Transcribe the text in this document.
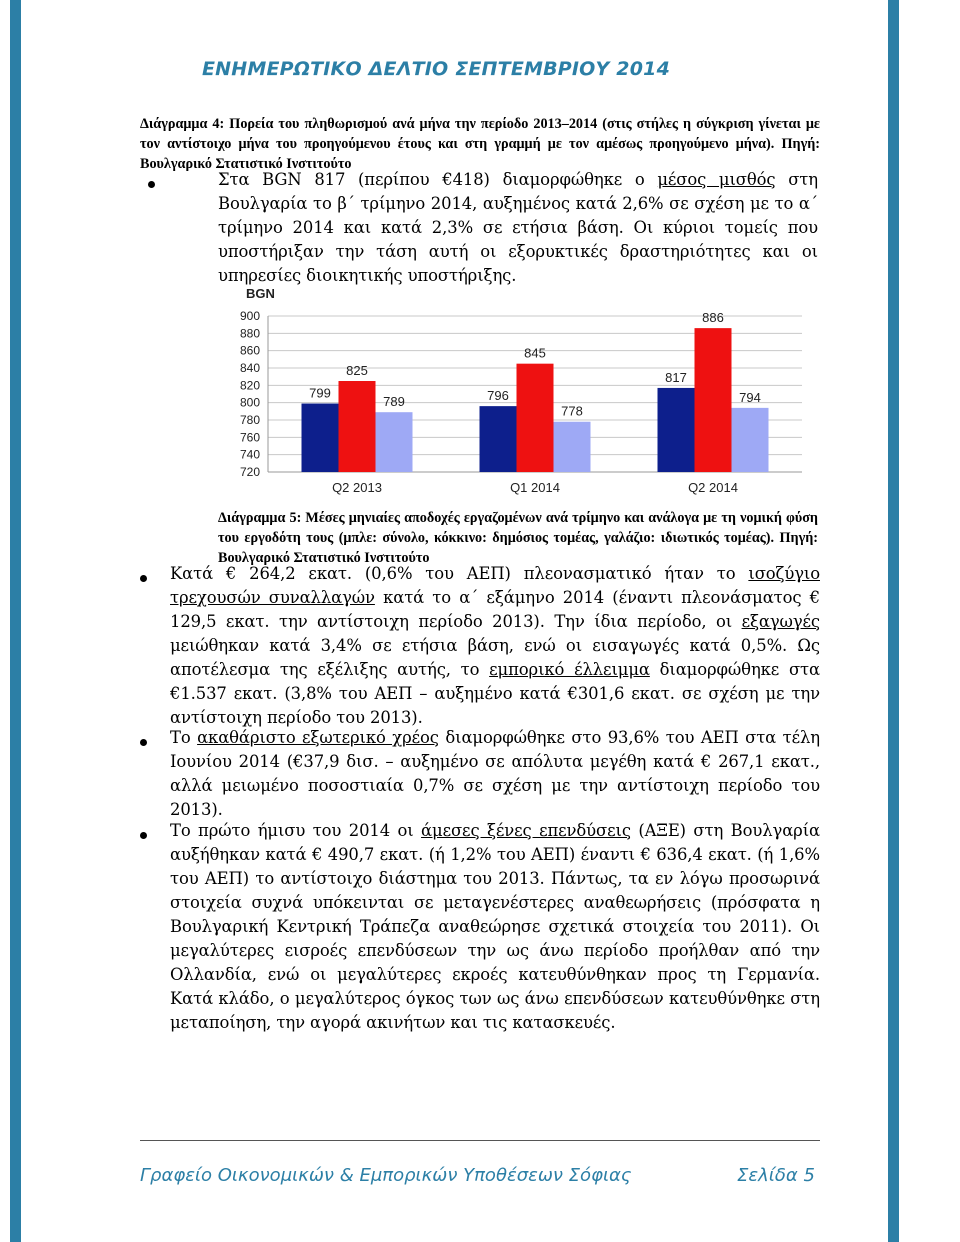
ΕΝΗΜΕΡΩΤΙΚΟ ΔΕΛΤΙΟ ΣΕΠΤΕΜΒΡΙΟΥ 2014
Διάγραμμα 4: Πορεία του πληθωρισμού ανά μήνα την περίοδο 2013–2014 (στις στήλες η σύγκριση γίνεται με τον αντίστοιχο μήνα του προηγούμενου έτους και στη γραμμή με τον αμέσως προηγούμενο μήνα). Πηγή: Βουλγαρικό Στατιστικό Ινστιτούτο
Στα BGN 817 (περίπου €418) διαμορφώθηκε ο μέσος μισθός στη Βουλγαρία το β΄ τρίμηνο 2014, αυξημένος κατά 2,6% σε σχέση με το α΄ τρίμηνο 2014 και κατά 2,3% σε ετήσια βάση. Οι κύριοι τομείς που υποστήριξαν την τάση αυτή οι εξορυκτικές δραστηριότητες και οι υπηρεσίες διοικητικής υποστήριξης.
BGN
720
740
760
780
800
820
840
860
880
900
799
825
789
Q2 2013
796
845
778
Q1 2014
817
886
794
Q2 2014
Διάγραμμα 5: Μέσες μηνιαίες αποδοχές εργαζομένων ανά τρίμηνο και ανάλογα με τη νομική φύση του εργοδότη τους (μπλε: σύνολο, κόκκινο: δημόσιος τομέας, γαλάζιο: ιδιωτικός τομέας). Πηγή: Βουλγαρικό Στατιστικό Ινστιτούτο
Κατά € 264,2 εκατ. (0,6% του ΑΕΠ) πλεονασματικό ήταν το ισοζύγιο τρεχουσών συναλλαγών κατά το α΄ εξάμηνο 2014 (έναντι πλεονάσματος € 129,5 εκατ. την αντίστοιχη περίοδο 2013). Την ίδια περίοδο, οι εξαγωγές μειώθηκαν κατά 3,4% σε ετήσια βάση, ενώ οι εισαγωγές κατά 0,5%. Ως αποτέλεσμα της εξέλιξης αυτής, το εμπορικό έλλειμμα διαμορφώθηκε στα €1.537 εκατ. (3,8% του ΑΕΠ – αυξημένο κατά €301,6 εκατ. σε σχέση με την αντίστοιχη περίοδο του 2013).
Το ακαθάριστο εξωτερικό χρέος διαμορφώθηκε στο 93,6% του ΑΕΠ στα τέλη Ιουνίου 2014 (€37,9 δισ. – αυξημένο σε απόλυτα μεγέθη κατά € 267,1 εκατ., αλλά μειωμένο ποσοστιαία 0,7% σε σχέση με την αντίστοιχη περίοδο του 2013).
Το πρώτο ήμισυ του 2014 οι άμεσες ξένες επενδύσεις (ΑΞΕ) στη Βουλγαρία αυξήθηκαν κατά € 490,7 εκατ. (ή 1,2% του ΑΕΠ) έναντι € 636,4 εκατ. (ή 1,6% του ΑΕΠ) το αντίστοιχο διάστημα του 2013. Πάντως, τα εν λόγω προσωρινά στοιχεία συχνά υπόκεινται σε μεταγενέστερες αναθεωρήσεις (πρόσφατα η Βουλγαρική Κεντρική Τράπεζα αναθεώρησε σχετικά στοιχεία του 2011). Οι μεγαλύτερες εισροές επενδύσεων την ως άνω περίοδο προήλθαν από την Ολλανδία, ενώ οι μεγαλύτερες εκροές κατευθύνθηκαν προς τη Γερμανία. Κατά κλάδο, ο μεγαλύτερος όγκος των ως άνω επενδύσεων κατευθύνθηκε στη μεταποίηση, την αγορά ακινήτων και τις κατασκευές.
Γραφείο Οικονομικών & Εμπορικών Υποθέσεων Σόφιας	Σελίδα 5
